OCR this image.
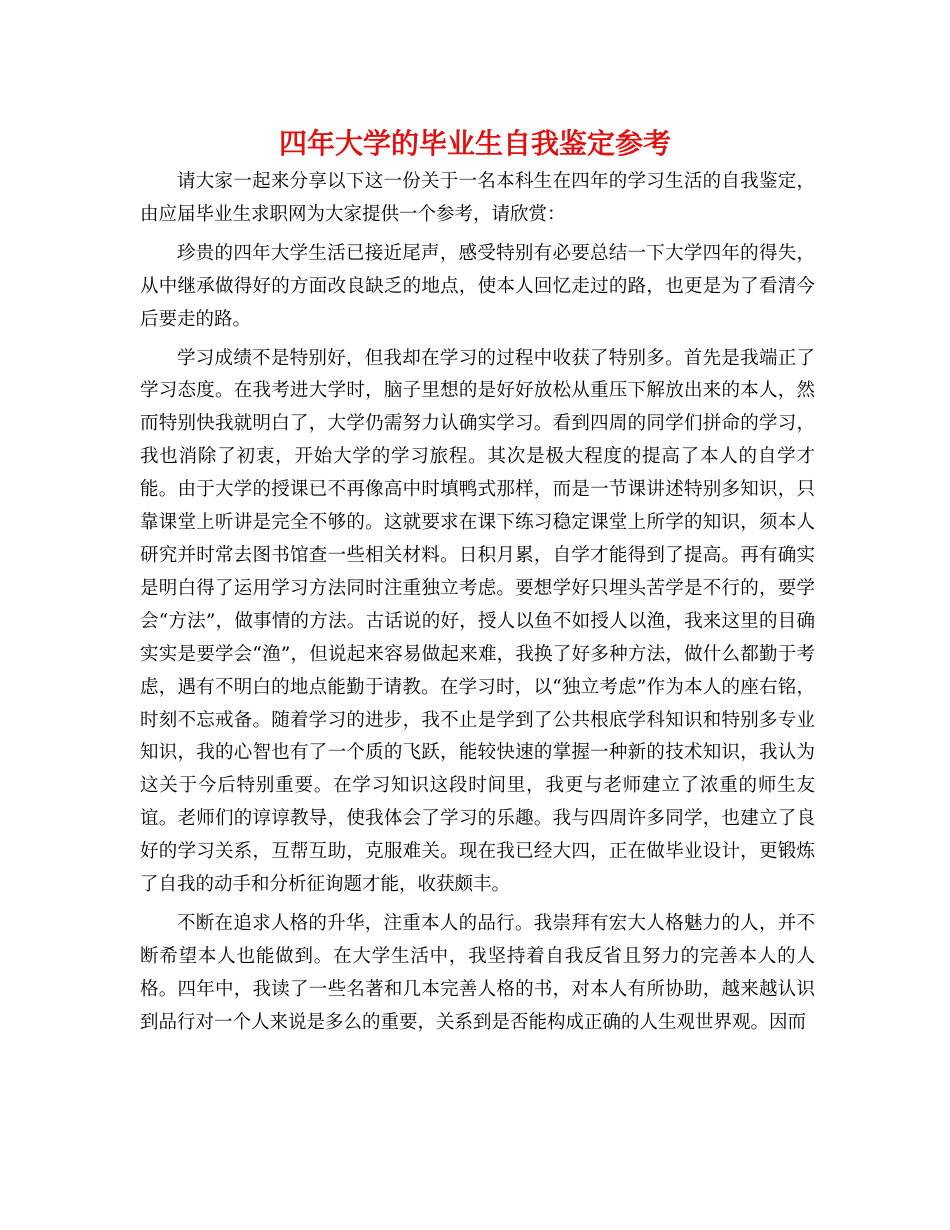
四年大学的毕业生自我鉴定参考

请大家一起来分享以下这一份关于一名本科生在四年的学习生活的自我鉴定，由应届毕业生求职网为大家提供一个参考，请欣赏：

珍贵的四年大学生活已接近尾声，感受特别有必要总结一下大学四年的得失，从中继承做得好的方面改良缺乏的地点，使本人回忆走过的路，也更是为了看清今后要走的路。

学习成绩不是特别好，但我却在学习的过程中收获了特别多。首先是我端正了学习态度。在我考进大学时，脑子里想的是好好放松从重压下解放出来的本人，然而特别快我就明白了，大学仍需努力认确实学习。看到四周的同学们拼命的学习，我也消除了初衷，开始大学的学习旅程。其次是极大程度的提高了本人的自学才能。由于大学的授课已不再像高中时填鸭式那样，而是一节课讲述特别多知识，只靠课堂上听讲是完全不够的。这就要求在课下练习稳定课堂上所学的知识，须本人研究并时常去图书馆查一些相关材料。日积月累，自学才能得到了提高。再有确实是明白得了运用学习方法同时注重独立考虑。要想学好只埋头苦学是不行的，要学会“方法”，做事情的方法。古话说的好，授人以鱼不如授人以渔，我来这里的目确实实是要学会“渔”，但说起来容易做起来难，我换了好多种方法，做什么都勤于考虑，遇有不明白的地点能勤于请教。在学习时，以“独立考虑”作为本人的座右铭，时刻不忘戒备。随着学习的进步，我不止是学到了公共根底学科知识和特别多专业知识，我的心智也有了一个质的飞跃，能较快速的掌握一种新的技术知识，我认为这关于今后特别重要。在学习知识这段时间里，我更与老师建立了浓重的师生友谊。老师们的谆谆教导，使我体会了学习的乐趣。我与四周许多同学，也建立了良好的学习关系，互帮互助，克服难关。现在我已经大四，正在做毕业设计，更锻炼了自我的动手和分析征询题才能，收获颇丰。

不断在追求人格的升华，注重本人的品行。我崇拜有宏大人格魅力的人，并不断希望本人也能做到。在大学生活中，我坚持着自我反省且努力的完善本人的人格。四年中，我读了一些名著和几本完善人格的书，对本人有所协助，越来越认识到品行对一个人来说是多么的重要，关系到是否能构成正确的人生观世界观。因而
